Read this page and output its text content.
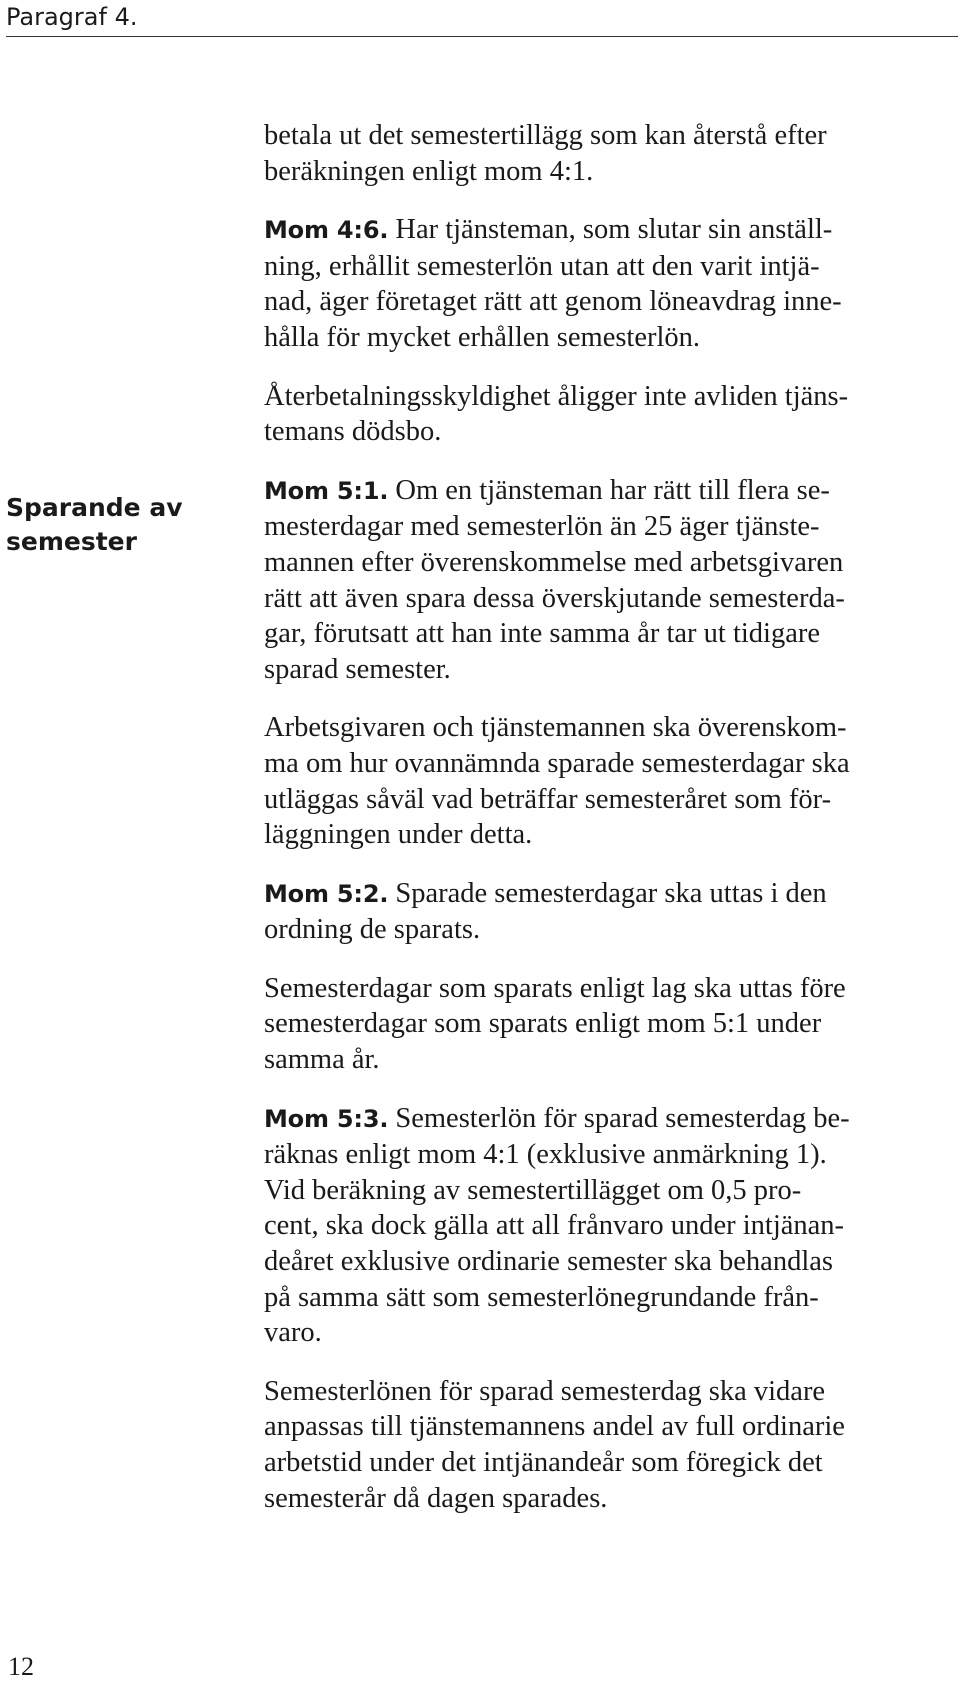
Paragraf 4.
Sparande av
semester

betala ut det semestertillägg som kan återstå efter
beräkningen enligt mom 4:1.

Mom 4:6. Har tjänsteman, som slutar sin anställ-
ning, erhållit semesterlön utan att den varit intjä-
nad, äger företaget rätt att genom löneavdrag inne-
hålla för mycket erhållen semesterlön.

Återbetalningsskyldighet åligger inte avliden tjäns-
temans dödsbo.

Mom 5:1. Om en tjänsteman har rätt till flera se-
mesterdagar med semesterlön än 25 äger tjänste-
mannen efter överenskommelse med arbetsgivaren
rätt att även spara dessa överskjutande semesterda-
gar, förutsatt att han inte samma år tar ut tidigare
sparad semester.

Arbetsgivaren och tjänstemannen ska överenskom-
ma om hur ovannämnda sparade semesterdagar ska
utläggas såväl vad beträffar semesteråret som för-
läggningen under detta.

Mom 5:2. Sparade semesterdagar ska uttas i den
ordning de sparats.

Semesterdagar som sparats enligt lag ska uttas före
semesterdagar som sparats enligt mom 5:1 under
samma år.

Mom 5:3. Semesterlön för sparad semesterdag be-
räknas enligt mom 4:1 (exklusive anmärkning 1).
Vid beräkning av semestertillägget om 0,5 pro-
cent, ska dock gälla att all frånvaro under intjänan-
deåret exklusive ordinarie semester ska behandlas
på samma sätt som semesterlönegrundande från-
varo.

Semesterlönen för sparad semesterdag ska vidare
anpassas till tjänstemannens andel av full ordinarie
arbetstid under det intjänandeår som föregick det
semesterår då dagen sparades.

12
